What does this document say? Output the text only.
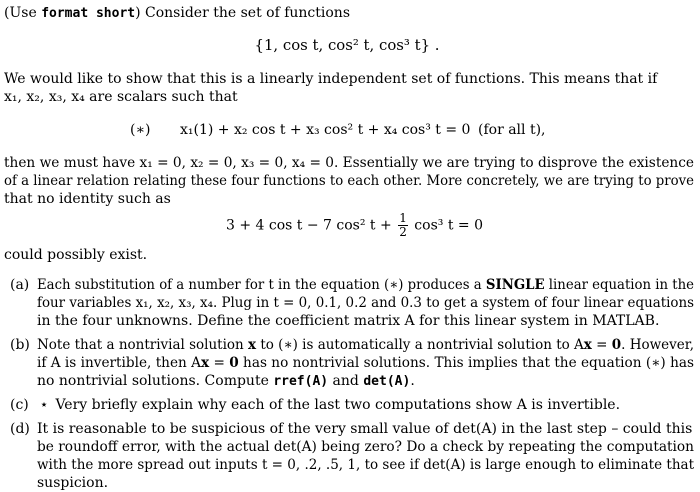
(Use format short) Consider the set of functions
{1, cos t, cos² t, cos³ t} .
We would like to show that this is a linearly independent set of functions. This means that if
x₁, x₂, x₃, x₄ are scalars such that
(∗) x₁(1) + x₂ cos t + x₃ cos² t + x₄ cos³ t = 0 (for all t),
then we must have x₁ = 0, x₂ = 0, x₃ = 0, x₄ = 0. Essentially we are trying to disprove the existence
of a linear relation relating these four functions to each other. More concretely, we are trying to prove
that no identity such as
3 + 4 cos t − 7 cos² $t + \frac{1}{2} \cos^3$ t = 0
could possibly exist.
(a) Each substitution of a number for t in the equation (∗) produces a SINGLE linear equation in the
four variables x₁, x₂, x₃, x₄. Plug in t = 0, 0.1, 0.2 and 0.3 to get a system of four linear equations
in the four unknowns. Define the coefficient matrix A for this linear system in MATLAB.
(b) Note that a nontrivial solution x to (∗) is automatically a nontrivial solution to Ax = 0. However,
if A is invertible, then Ax = 0 has no nontrivial solutions. This implies that the equation (∗) has
no nontrivial solutions. Compute rref(A) and det(A).
(c) ⋆ Very briefly explain why each of the last two computations show A is invertible.
(d) It is reasonable to be suspicious of the very small value of det(A) in the last step – could this
be roundoff error, with the actual det(A) being zero? Do a check by repeating the computation
with the more spread out inputs t = 0, .2, .5, 1, to see if det(A) is large enough to eliminate that
suspicion.
